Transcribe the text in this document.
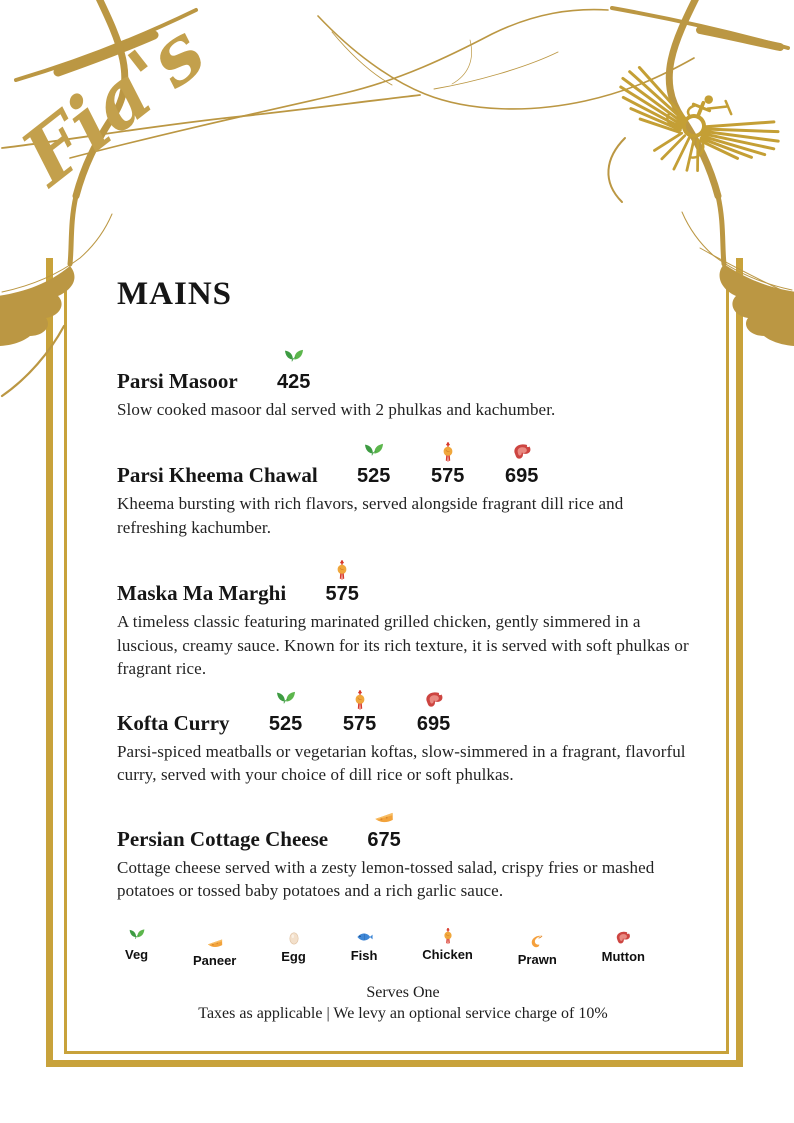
Fia's
MAINS
Parsi Masoor 425

Slow cooked masoor dal served with 2 phulkas and kachumber.

Parsi Kheema Chawal 525 575 695

Kheema bursting with rich flavors, served alongside fragrant dill rice and refreshing kachumber.

Maska Ma Marghi 575

A timeless classic featuring marinated grilled chicken, gently simmered in a luscious, creamy sauce. Known for its rich texture, it is served with soft phulkas or fragrant rice.

Kofta Curry 525 575 695

Parsi-spiced meatballs or vegetarian koftas, slow-simmered in a fragrant, flavorful curry, served with your choice of dill rice or soft phulkas.

Persian Cottage Cheese 675

Cottage cheese served with a zesty lemon-tossed salad, crispy fries or mashed potatoes or tossed baby potatoes and a rich garlic sauce.

Veg	Paneer	Egg	Fish	Chicken	Prawn	Mutton

Serves One

Taxes as applicable | We levy an optional service charge of 10%
